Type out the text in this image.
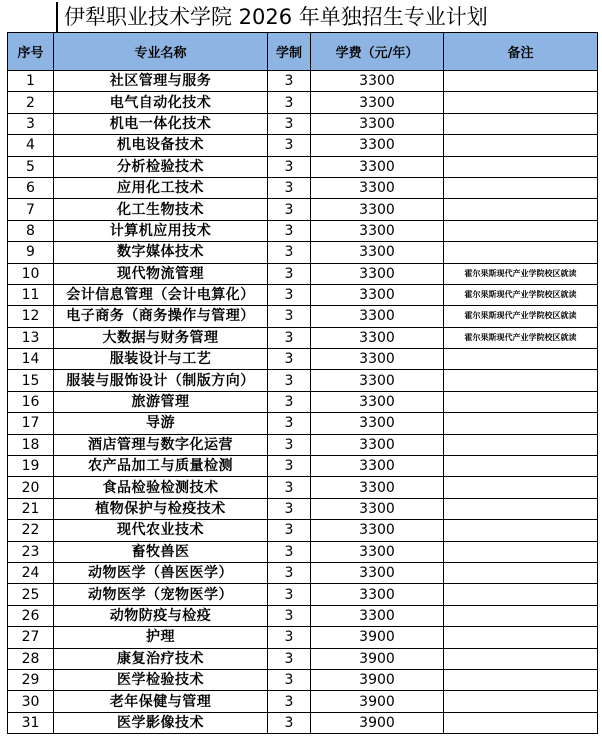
伊犁职业技术学院 2026 年单独招生专业计划
序号	专业名称	学制	学费（元/年）	备注
1	社区管理与服务	3	3300	
2	电气自动化技术	3	3300	
3	机电一体化技术	3	3300	
4	机电设备技术	3	3300	
5	分析检验技术	3	3300	
6	应用化工技术	3	3300	
7	化工生物技术	3	3300	
8	计算机应用技术	3	3300	
9	数字媒体技术	3	3300	
10	现代物流管理	3	3300	霍尔果斯现代产业学院校区就读
11	会计信息管理（会计电算化）	3	3300	霍尔果斯现代产业学院校区就读
12	电子商务（商务操作与管理）	3	3300	霍尔果斯现代产业学院校区就读
13	大数据与财务管理	3	3300	霍尔果斯现代产业学院校区就读
14	服装设计与工艺	3	3300	
15	服装与服饰设计（制版方向）	3	3300	
16	旅游管理	3	3300	
17	导游	3	3300	
18	酒店管理与数字化运营	3	3300	
19	农产品加工与质量检测	3	3300	
20	食品检验检测技术	3	3300	
21	植物保护与检疫技术	3	3300	
22	现代农业技术	3	3300	
23	畜牧兽医	3	3300	
24	动物医学（兽医医学）	3	3300	
25	动物医学（宠物医学）	3	3300	
26	动物防疫与检疫	3	3300	
27	护理	3	3900	
28	康复治疗技术	3	3900	
29	医学检验技术	3	3900	
30	老年保健与管理	3	3900	
31	医学影像技术	3	3900	
